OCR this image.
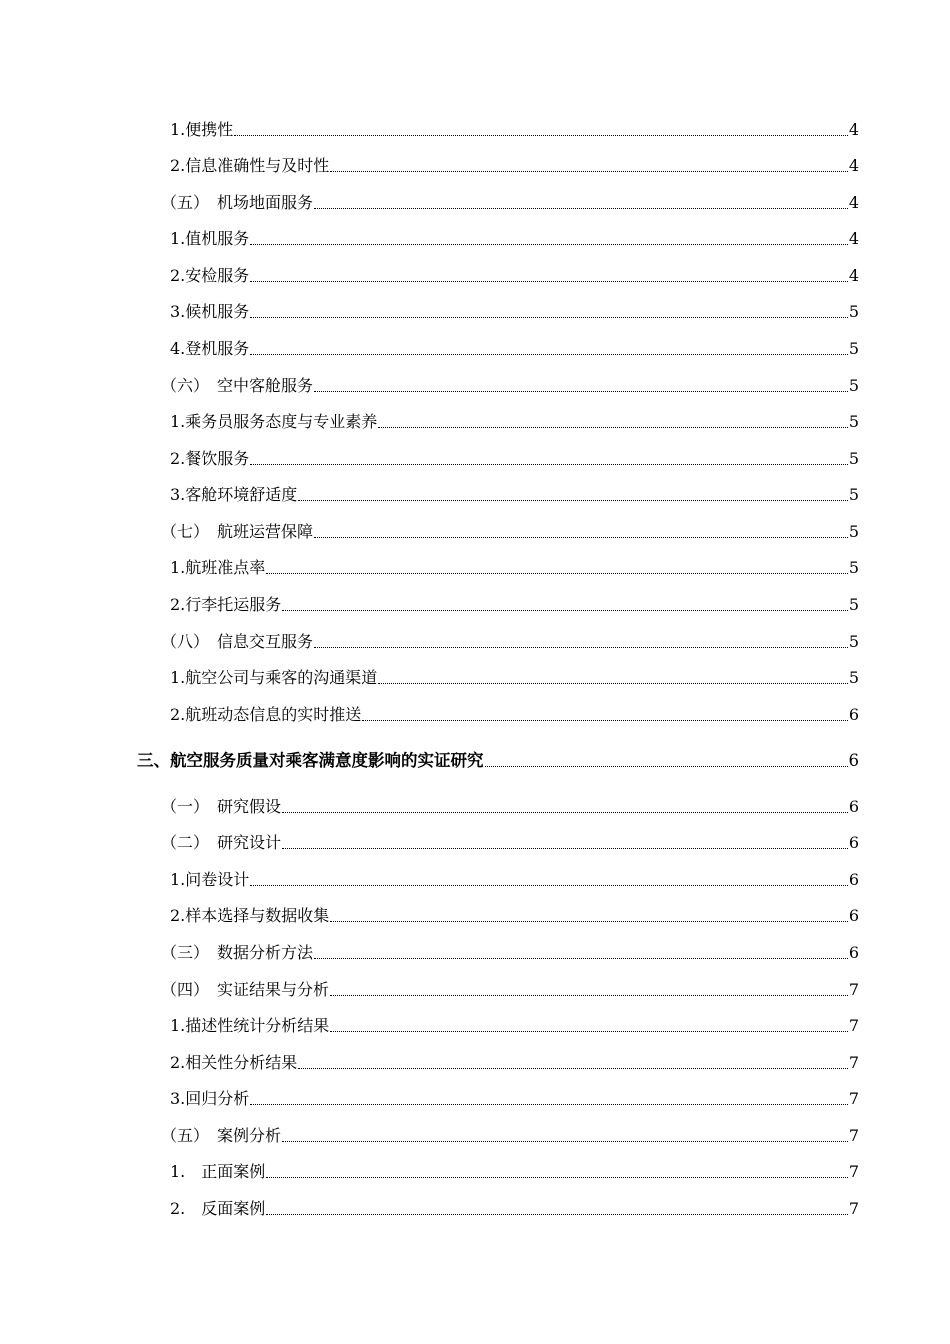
1.便携性	4
2.信息准确性与及时性	4
（五）　机场地面服务	4
1.值机服务	4
2.安检服务	4
3.候机服务	5
4.登机服务	5
（六）　空中客舱服务	5
1.乘务员服务态度与专业素养	5
2.餐饮服务	5
3.客舱环境舒适度	5
（七）　航班运营保障	5
1.航班准点率	5
2.行李托运服务	5
（八）　信息交互服务	5
1.航空公司与乘客的沟通渠道	5
2.航班动态信息的实时推送	6
三、航空服务质量对乘客满意度影响的实证研究	6
（一）　研究假设	6
（二）　研究设计	6
1.问卷设计	6
2.样本选择与数据收集	6
（三）　数据分析方法	6
（四）　实证结果与分析	7
1.描述性统计分析结果	7
2.相关性分析结果	7
3.回归分析	7
（五）　案例分析	7
1.　正面案例	7
2.　反面案例	7
